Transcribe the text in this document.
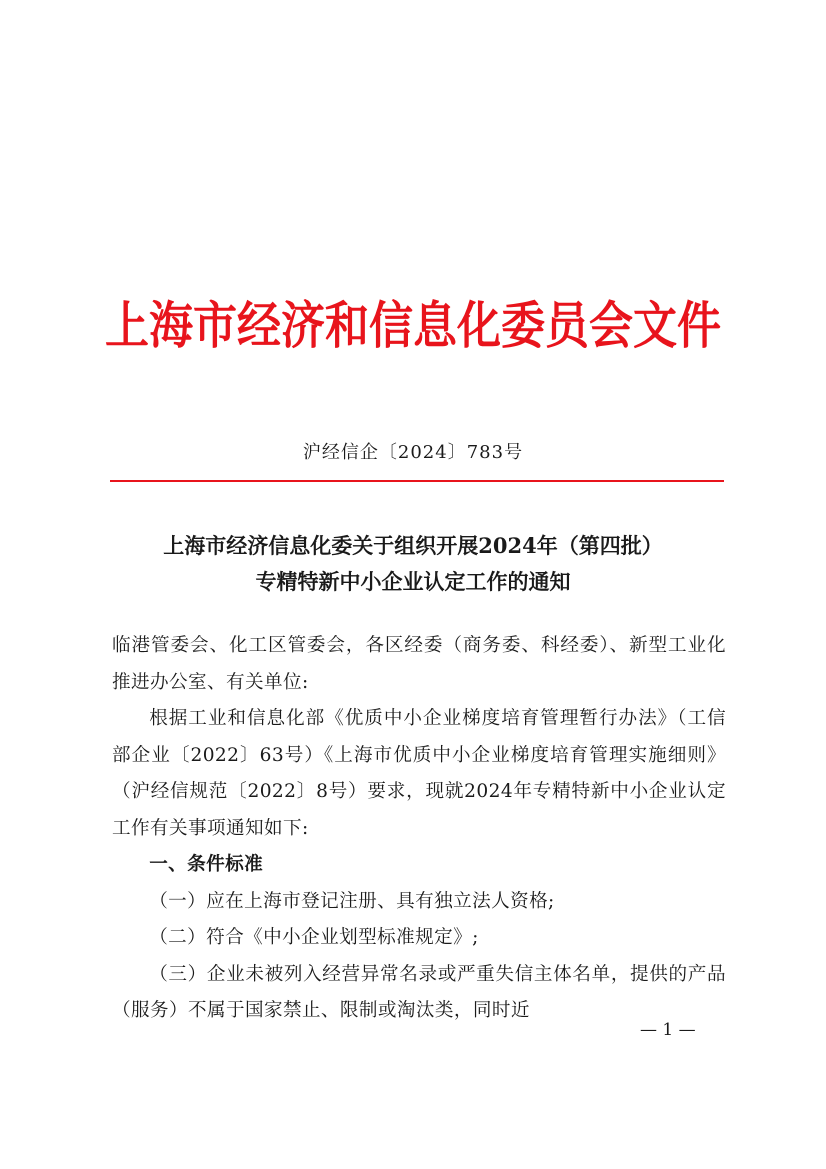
上海市经济和信息化委员会文件
沪经信企〔2024〕783号
上海市经济信息化委关于组织开展2024年（第四批）
专精特新中小企业认定工作的通知

临港管委会、化工区管委会，各区经委（商务委、科经委）、新型工业化推进办公室、有关单位:

根据工业和信息化部《优质中小企业梯度培育管理暂行办法》（工信部企业〔2022〕63号）《上海市优质中小企业梯度培育管理实施细则》（沪经信规范〔2022〕8号）要求，现就2024年专精特新中小企业认定工作有关事项通知如下:

一、条件标准

（一）应在上海市登记注册、具有独立法人资格;

（二）符合《中小企业划型标准规定》;

（三）企业未被列入经营异常名录或严重失信主体名单，提供的产品（服务）不属于国家禁止、限制或淘汰类，同时近

— 1 —
